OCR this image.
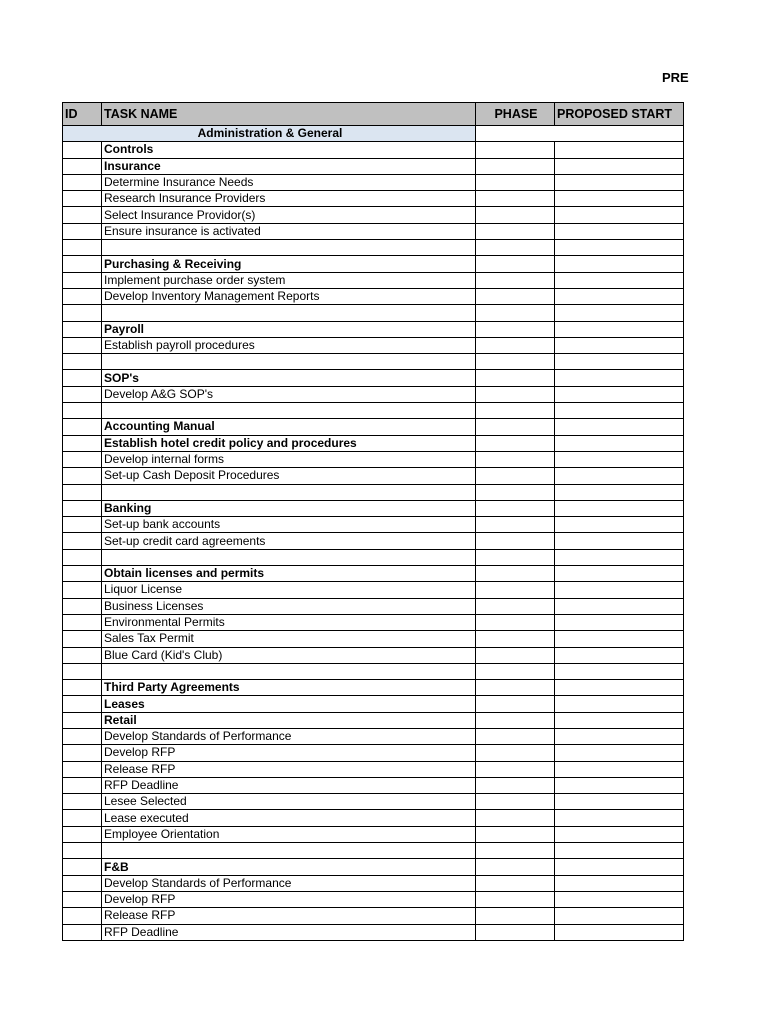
PRE
ID	TASK NAME	PHASE	PROPOSED START
Administration & General			
	Controls		
	Insurance		
	Determine Insurance Needs		
	Research Insurance Providers		
	Select Insurance Providor(s)		
	Ensure insurance is activated		

	Purchasing & Receiving		
	Implement purchase order system		
	Develop Inventory Management Reports		

	Payroll		
	Establish payroll procedures		

	SOP's		
	Develop A&G SOP's		

	Accounting Manual		
	Establish hotel credit policy and procedures		
	Develop internal forms		
	Set-up Cash Deposit Procedures		

	Banking		
	Set-up bank accounts		
	Set-up credit card agreements		

	Obtain licenses and permits		
	Liquor License		
	Business Licenses		
	Environmental Permits		
	Sales Tax Permit		
	Blue Card (Kid's Club)		

	Third Party Agreements		
	Leases		
	Retail		
	Develop Standards of Performance		
	Develop RFP		
	Release RFP		
	RFP Deadline		
	Lesee Selected		
	Lease executed		
	Employee Orientation		

	F&B		
	Develop Standards of Performance		
	Develop RFP		
	Release RFP		
	RFP Deadline		
